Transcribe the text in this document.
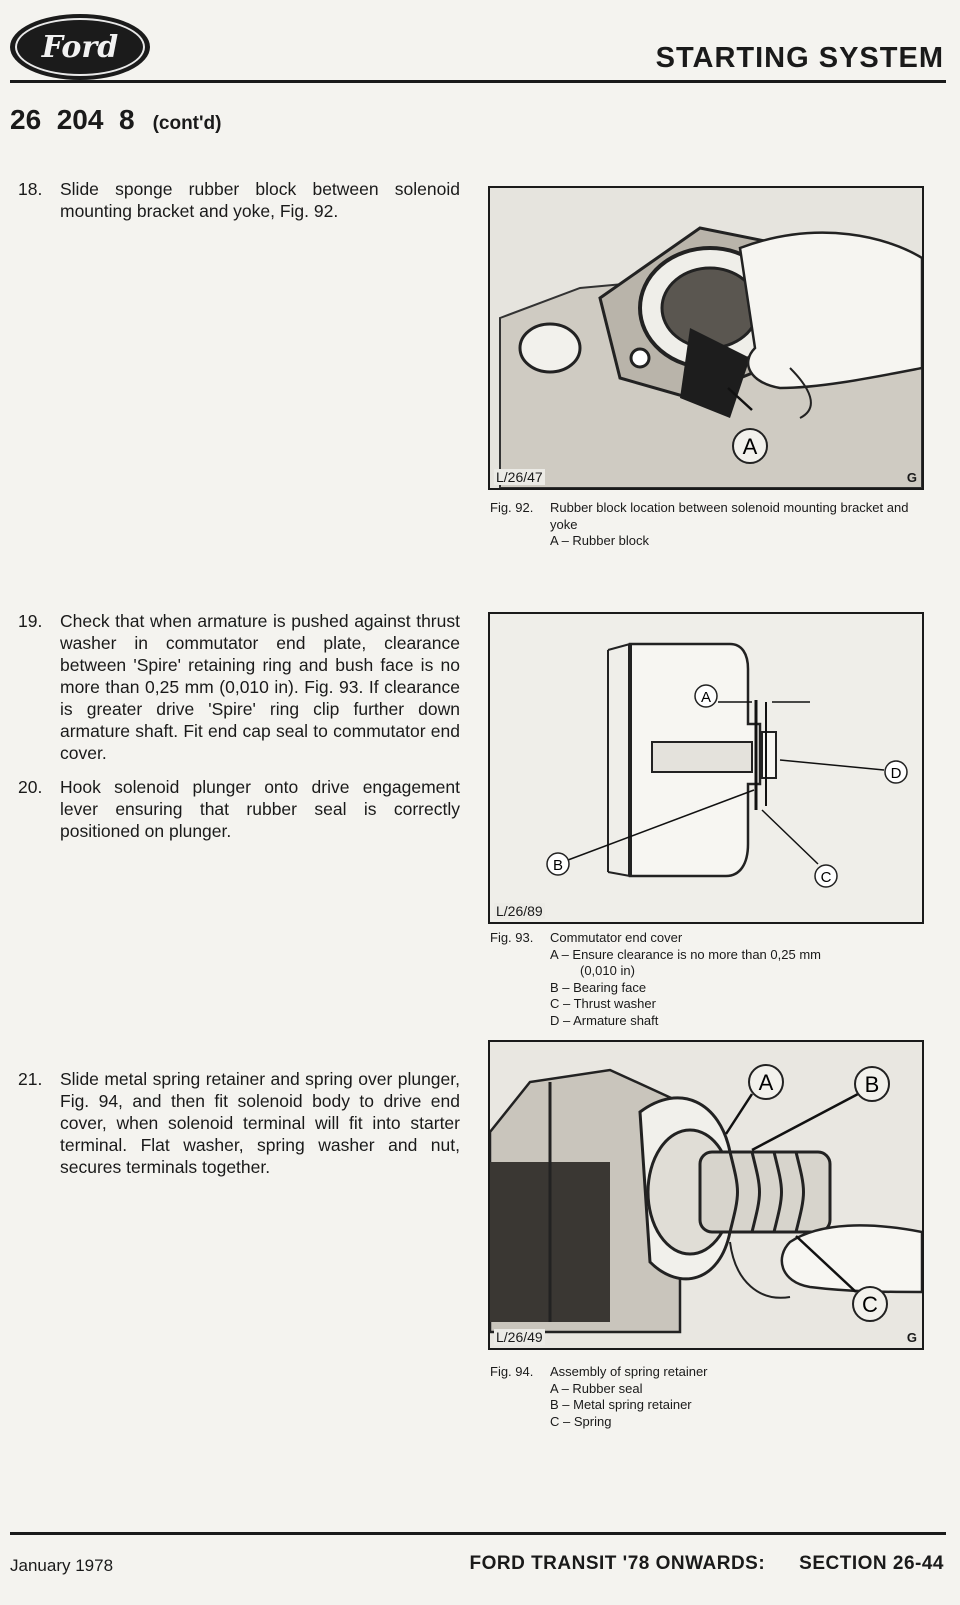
Ford	STARTING SYSTEM
26  204  8 (cont'd)
18.	Slide sponge rubber block between solenoid mounting bracket and yoke, Fig. 92.
19.	Check that when armature is pushed against thrust washer in commutator end plate, clearance between 'Spire' retaining ring and bush face is no more than 0,25 mm (0,010 in). Fig. 93. If clearance is greater drive 'Spire' ring clip further down armature shaft. Fit end cap seal to commutator end cover.
20.	Hook solenoid plunger onto drive engagement lever ensuring that rubber seal is correctly positioned on plunger.
21.	Slide metal spring retainer and spring over plunger, Fig. 94, and then fit solenoid body to drive end cover, when solenoid terminal will fit into starter terminal. Flat washer, spring washer and nut, secures terminals together.
A
L/26/47	G
Fig. 92.	Rubber block location between solenoid mounting bracket and yoke
A – Rubber block
A
B
C
D
L/26/89
Fig. 93.	Commutator end cover
A – Ensure clearance is no more than 0,25 mm
(0,010 in)
B – Bearing face
C – Thrust washer
D – Armature shaft
A	B
C
L/26/49	G
Fig. 94.	Assembly of spring retainer
A – Rubber seal
B – Metal spring retainer
C – Spring
January 1978	FORD TRANSIT '78 ONWARDS: SECTION 26-44
